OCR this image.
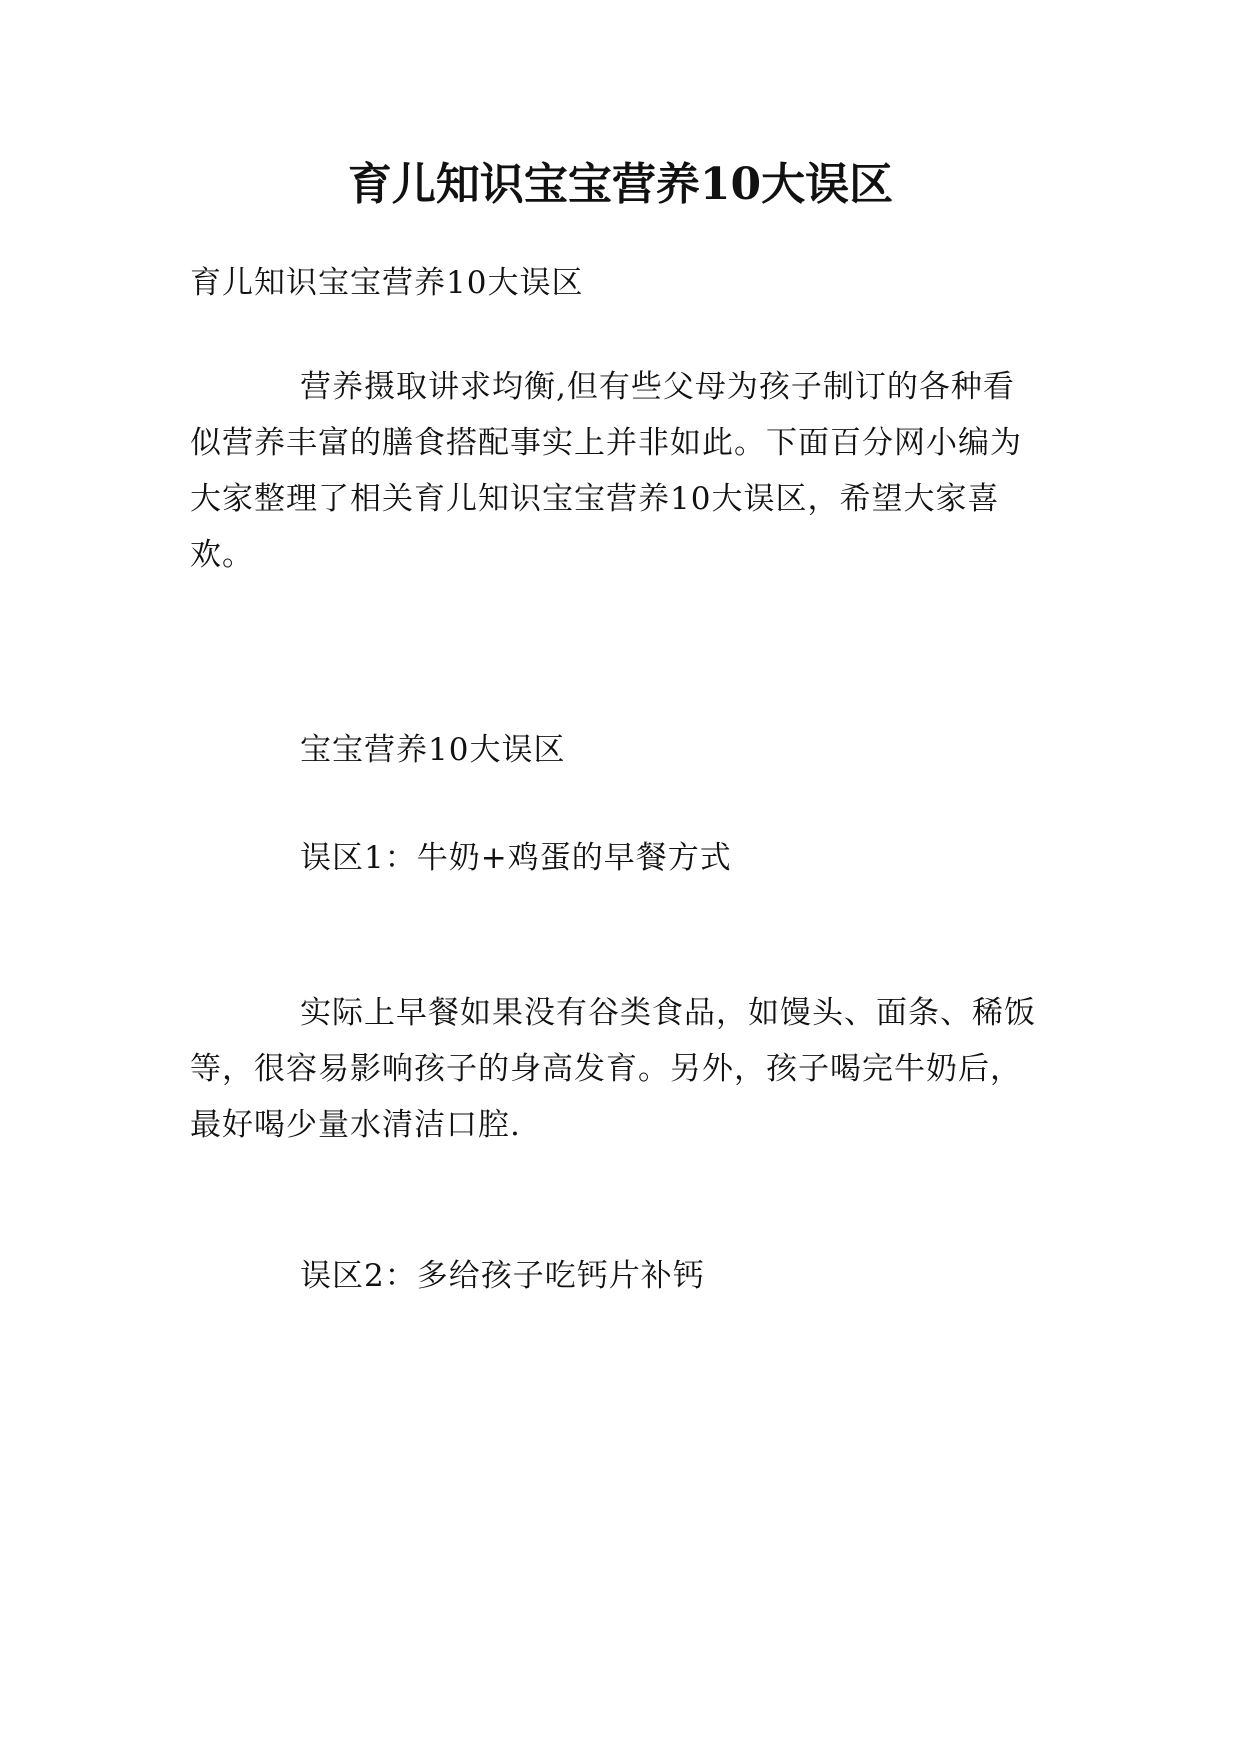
育儿知识宝宝营养10大误区

育儿知识宝宝营养10大误区

营养摄取讲求均衡,但有些父母为孩子制订的各种看

似营养丰富的膳食搭配事实上并非如此。下面百分网小编为

大家整理了相关育儿知识宝宝营养10大误区，希望大家喜

欢。

宝宝营养10大误区

误区1：牛奶+鸡蛋的早餐方式

实际上早餐如果没有谷类食品，如馒头、面条、稀饭

等，很容易影响孩子的身高发育。另外，孩子喝完牛奶后，

最好喝少量水清洁口腔.

误区2：多给孩子吃钙片补钙
